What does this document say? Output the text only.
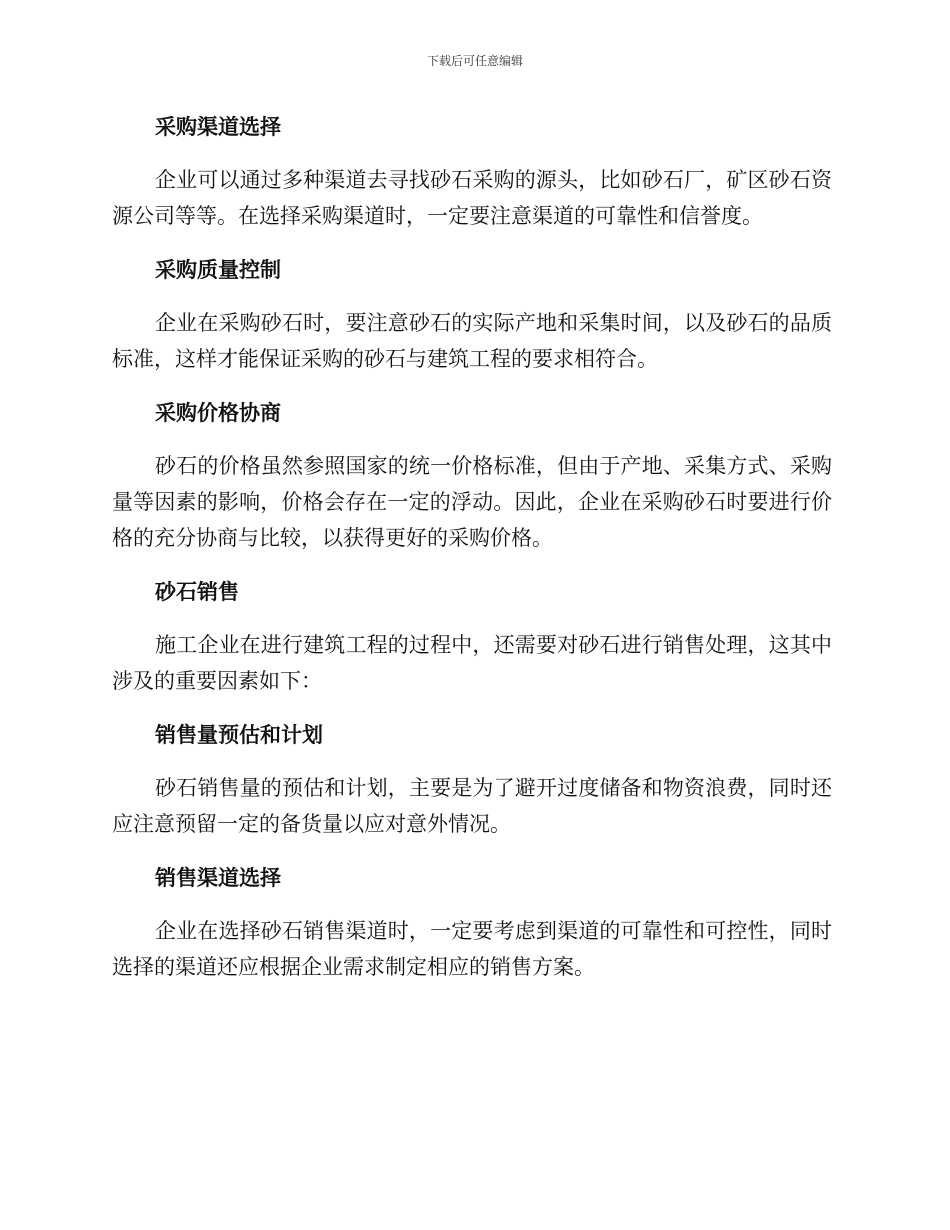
下载后可任意编辑
采购渠道选择

企业可以通过多种渠道去寻找砂石采购的源头，比如砂石厂，矿区砂石资源公司等等。在选择采购渠道时，一定要注意渠道的可靠性和信誉度。

采购质量控制

企业在采购砂石时，要注意砂石的实际产地和采集时间，以及砂石的品质标准，这样才能保证采购的砂石与建筑工程的要求相符合。

采购价格协商

砂石的价格虽然参照国家的统一价格标准，但由于产地、采集方式、采购量等因素的影响，价格会存在一定的浮动。因此，企业在采购砂石时要进行价格的充分协商与比较，以获得更好的采购价格。

砂石销售

施工企业在进行建筑工程的过程中，还需要对砂石进行销售处理，这其中涉及的重要因素如下：

销售量预估和计划

砂石销售量的预估和计划，主要是为了避开过度储备和物资浪费，同时还应注意预留一定的备货量以应对意外情况。

销售渠道选择

企业在选择砂石销售渠道时，一定要考虑到渠道的可靠性和可控性，同时选择的渠道还应根据企业需求制定相应的销售方案。
